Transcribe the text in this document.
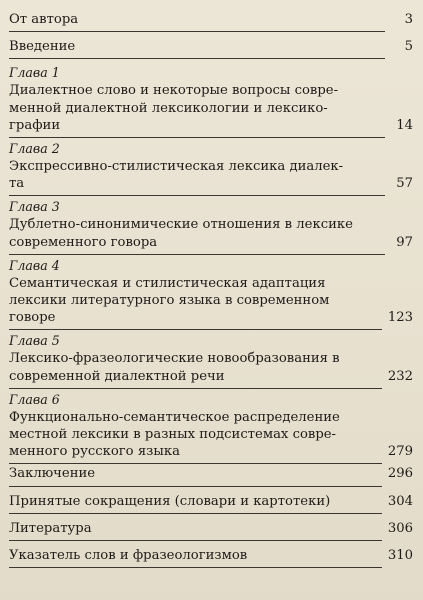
От автора	3
Введение	5
Глава 1
Диалектное слово и некоторые вопросы совре-
менной диалектной лексикологии и лексико-
графии	14
Глава 2
Экспрессивно-стилистическая лексика диалек-
та	57
Глава 3
Дублетно-синонимические отношения в лексике
современного говора	97
Глава 4
Семантическая и стилистическая адаптация
лексики литературного языка в современном
говоре	123
Глава 5
Лексико-фразеологические новообразования в
современной диалектной речи	232
Глава 6
Функционально-семантическое распределение
местной лексики в разных подсистемах совре-
менного русского языка	279
Заключение	296
Принятые сокращения (словари и картотеки)	304
Литература	306
Указатель слов и фразеологизмов	310
